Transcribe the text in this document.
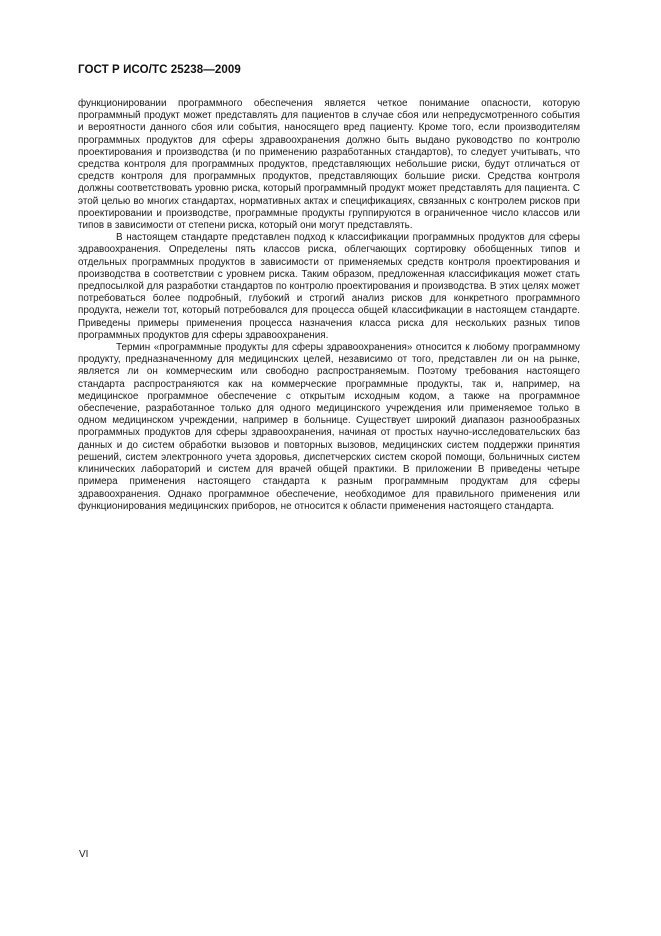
ГОСТ Р ИСО/ТС 25238—2009

функционировании программного обеспечения является четкое понимание опасности, которую программный продукт может представлять для пациентов в случае сбоя или непредусмотренного события и вероятности данного сбоя или события, наносящего вред пациенту. Кроме того, если производителям программных продуктов для сферы здравоохранения должно быть выдано руководство по контролю проектирования и производства (и по применению разработанных стандартов), то следует учитывать, что средства контроля для программных продуктов, представляющих небольшие риски, будут отличаться от средств контроля для программных продуктов, представляющих большие риски. Средства контроля должны соответствовать уровню риска, который программный продукт может представлять для пациента. С этой целью во многих стандартах, нормативных актах и спецификациях, связанных с контролем рисков при проектировании и производстве, программные продукты группируются в ограниченное число классов или типов в зависимости от степени риска, который они могут представлять.

В настоящем стандарте представлен подход к классификации программных продуктов для сферы здравоохранения. Определены пять классов риска, облегчающих сортировку обобщенных типов и отдельных программных продуктов в зависимости от применяемых средств контроля проектирования и производства в соответствии с уровнем риска. Таким образом, предложенная классификация может стать предпосылкой для разработки стандартов по контролю проектирования и производства. В этих целях может потребоваться более подробный, глубокий и строгий анализ рисков для конкретного программного продукта, нежели тот, который потребовался для процесса общей классификации в настоящем стандарте. Приведены примеры применения процесса назначения класса риска для нескольких разных типов программных продуктов для сферы здравоохранения.

Термин «программные продукты для сферы здравоохранения» относится к любому программному продукту, предназначенному для медицинских целей, независимо от того, представлен ли он на рынке, является ли он коммерческим или свободно распространяемым. Поэтому требования настоящего стандарта распространяются как на коммерческие программные продукты, так и, например, на медицинское программное обеспечение с открытым исходным кодом, а также на программное обеспечение, разработанное только для одного медицинского учреждения или применяемое только в одном медицинском учреждении, например в больнице. Существует широкий диапазон разнообразных программных продуктов для сферы здравоохранения, начиная от простых научно-исследовательских баз данных и до систем обработки вызовов и повторных вызовов, медицинских систем поддержки принятия решений, систем электронного учета здоровья, диспетчерских систем скорой помощи, больничных систем клинических лабораторий и систем для врачей общей практики. В приложении В приведены четыре примера применения настоящего стандарта к разным программным продуктам для сферы здравоохранения. Однако программное обеспечение, необходимое для правильного применения или функционирования медицинских приборов, не относится к области применения настоящего стандарта.

VI
